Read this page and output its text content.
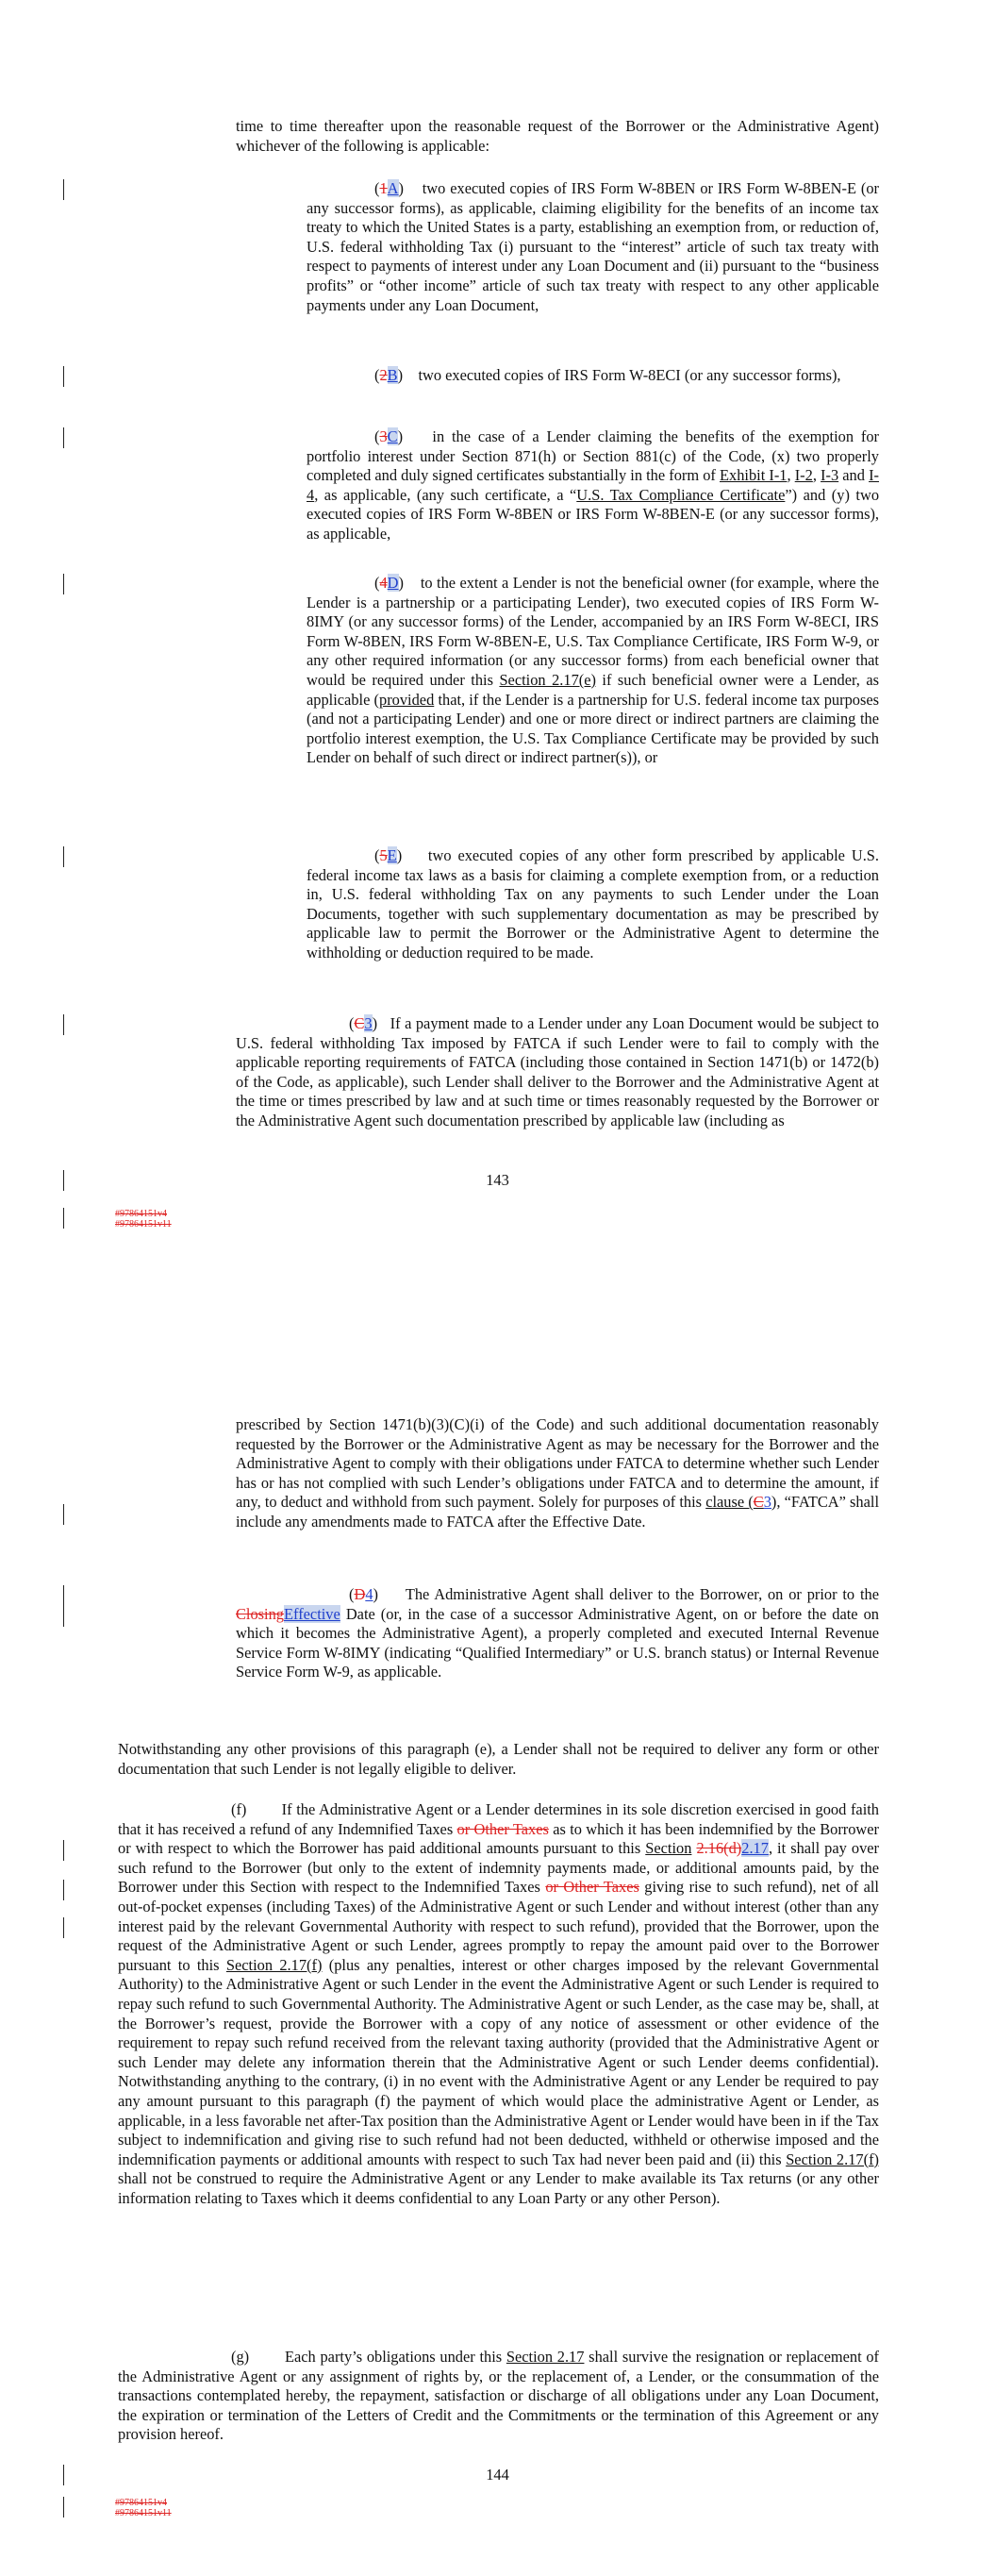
time to time thereafter upon the reasonable request of the Borrower or the Administrative Agent) whichever of the following is applicable:

(1A) two executed copies of IRS Form W-8BEN or IRS Form W-8BEN-E (or any successor forms), as applicable, claiming eligibility for the benefits of an income tax treaty to which the United States is a party, establishing an exemption from, or reduction of, U.S. federal withholding Tax (i) pursuant to the “interest” article of such tax treaty with respect to payments of interest under any Loan Document and (ii) pursuant to the “business profits” or “other income” article of such tax treaty with respect to any other applicable payments under any Loan Document,

(2B) two executed copies of IRS Form W-8ECI (or any successor forms),

(3C) in the case of a Lender claiming the benefits of the exemption for portfolio interest under Section 871(h) or Section 881(c) of the Code, (x) two properly completed and duly signed certificates substantially in the form of Exhibit I-1, I-2, I-3 and I-4, as applicable, (any such certificate, a “U.S. Tax Compliance Certificate”) and (y) two executed copies of IRS Form W-8BEN or IRS Form W-8BEN-E (or any successor forms), as applicable,

(4D) to the extent a Lender is not the beneficial owner (for example, where the Lender is a partnership or a participating Lender), two executed copies of IRS Form W-8IMY (or any successor forms) of the Lender, accompanied by an IRS Form W-8ECI, IRS Form W-8BEN, IRS Form W-8BEN-E, U.S. Tax Compliance Certificate, IRS Form W-9, or any other required information (or any successor forms) from each beneficial owner that would be required under this Section 2.17(e) if such beneficial owner were a Lender, as applicable (provided that, if the Lender is a partnership for U.S. federal income tax purposes (and not a participating Lender) and one or more direct or indirect partners are claiming the portfolio interest exemption, the U.S. Tax Compliance Certificate may be provided by such Lender on behalf of such direct or indirect partner(s)), or

(5E) two executed copies of any other form prescribed by applicable U.S. federal income tax laws as a basis for claiming a complete exemption from, or a reduction in, U.S. federal withholding Tax on any payments to such Lender under the Loan Documents, together with such supplementary documentation as may be prescribed by applicable law to permit the Borrower or the Administrative Agent to determine the withholding or deduction required to be made.

(C3) If a payment made to a Lender under any Loan Document would be subject to U.S. federal withholding Tax imposed by FATCA if such Lender were to fail to comply with the applicable reporting requirements of FATCA (including those contained in Section 1471(b) or 1472(b) of the Code, as applicable), such Lender shall deliver to the Borrower and the Administrative Agent at the time or times prescribed by law and at such time or times reasonably requested by the Borrower or the Administrative Agent such documentation prescribed by applicable law (including as

143
#97864151v4
#97864151v11

prescribed by Section 1471(b)(3)(C)(i) of the Code) and such additional documentation reasonably requested by the Borrower or the Administrative Agent as may be necessary for the Borrower and the Administrative Agent to comply with their obligations under FATCA to determine whether such Lender has or has not complied with such Lender’s obligations under FATCA and to determine the amount, if any, to deduct and withhold from such payment. Solely for purposes of this clause (C3), “FATCA” shall include any amendments made to FATCA after the Effective Date.

(D4) The Administrative Agent shall deliver to the Borrower, on or prior to the ClosingEffective Date (or, in the case of a successor Administrative Agent, on or before the date on which it becomes the Administrative Agent), a properly completed and executed Internal Revenue Service Form W-8IMY (indicating “Qualified Intermediary” or U.S. branch status) or Internal Revenue Service Form W-9, as applicable.

Notwithstanding any other provisions of this paragraph (e), a Lender shall not be required to deliver any form or other documentation that such Lender is not legally eligible to deliver.

(f) If the Administrative Agent or a Lender determines in its sole discretion exercised in good faith that it has received a refund of any Indemnified Taxes or Other Taxes as to which it has been indemnified by the Borrower or with respect to which the Borrower has paid additional amounts pursuant to this Section 2.16(d)2.17, it shall pay over such refund to the Borrower (but only to the extent of indemnity payments made, or additional amounts paid, by the Borrower under this Section with respect to the Indemnified Taxes or Other Taxes giving rise to such refund), net of all out-of-pocket expenses (including Taxes) of the Administrative Agent or such Lender and without interest (other than any interest paid by the relevant Governmental Authority with respect to such refund), provided that the Borrower, upon the request of the Administrative Agent or such Lender, agrees promptly to repay the amount paid over to the Borrower pursuant to this Section 2.17(f) (plus any penalties, interest or other charges imposed by the relevant Governmental Authority) to the Administrative Agent or such Lender in the event the Administrative Agent or such Lender is required to repay such refund to such Governmental Authority. The Administrative Agent or such Lender, as the case may be, shall, at the Borrower’s request, provide the Borrower with a copy of any notice of assessment or other evidence of the requirement to repay such refund received from the relevant taxing authority (provided that the Administrative Agent or such Lender may delete any information therein that the Administrative Agent or such Lender deems confidential). Notwithstanding anything to the contrary, (i) in no event with the Administrative Agent or any Lender be required to pay any amount pursuant to this paragraph (f) the payment of which would place the administrative Agent or Lender, as applicable, in a less favorable net after-Tax position than the Administrative Agent or Lender would have been in if the Tax subject to indemnification and giving rise to such refund had not been deducted, withheld or otherwise imposed and the indemnification payments or additional amounts with respect to such Tax had never been paid and (ii) this Section 2.17(f) shall not be construed to require the Administrative Agent or any Lender to make available its Tax returns (or any other information relating to Taxes which it deems confidential to any Loan Party or any other Person).

(g) Each party’s obligations under this Section 2.17 shall survive the resignation or replacement of the Administrative Agent or any assignment of rights by, or the replacement of, a Lender, or the consummation of the transactions contemplated hereby, the repayment, satisfaction or discharge of all obligations under any Loan Document, the expiration or termination of the Letters of Credit and the Commitments or the termination of this Agreement or any provision hereof.

144
#97864151v4
#97864151v11
